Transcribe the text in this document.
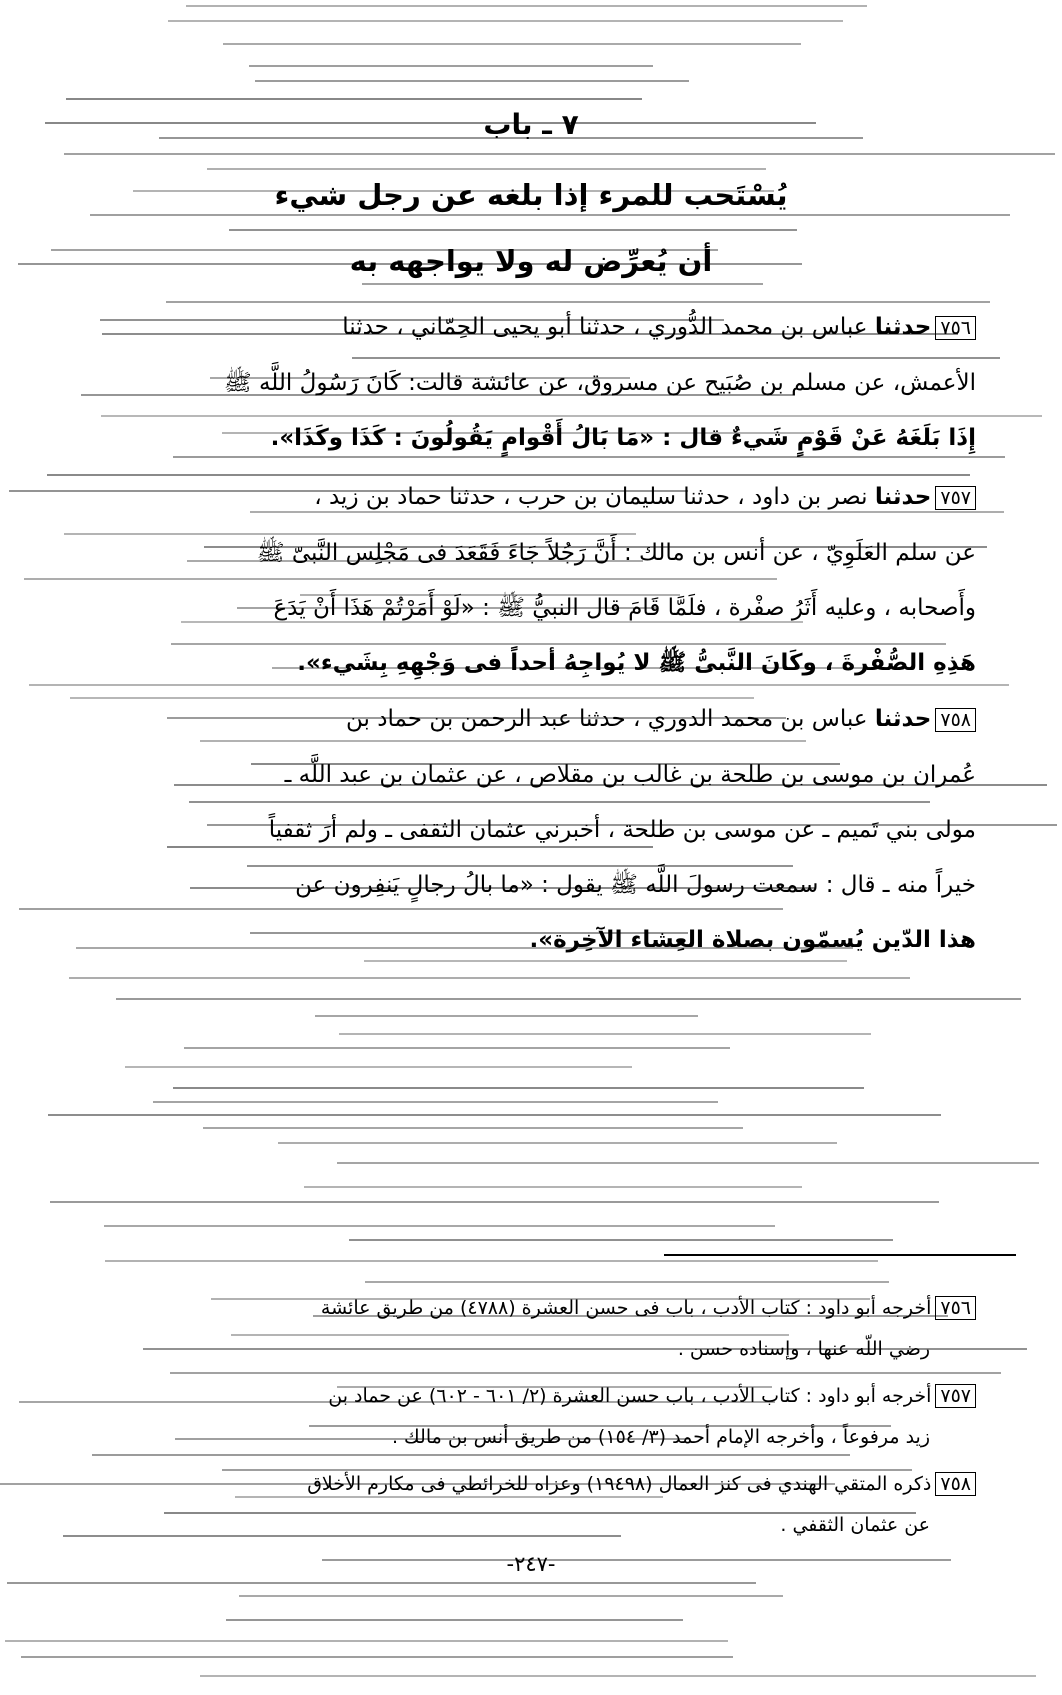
٧ ـ باب
يُسْتَحب للمرء إذا بلغه عن رجل شيء
أن يُعرِّض له ولا يواجهه به
٧٥٦حدثنا عباس بن محمد الدُّوري ، حدثنا أبو يحيى الحِمّاني ، حدثنا
الأعمش، عن مسلم بن صُبَيح عن مسروق، عن عائشة قالت: كَانَ رَسُولُ اللَّه ﷺ
إِذَا بَلَغَهُ عَنْ قَوْمٍ شَيءٌ قال : «مَا بَالُ أَقْوامٍ يَقُولُونَ : كَذَا وكَذَا».
٧٥٧حدثنا نصر بن داود ، حدثنا سليمان بن حرب ، حدثنا حماد بن زيد ،
عن سلم العَلَوِيّ ، عن أنس بن مالك : أَنَّ رَجُلاً جَاءَ فَقَعَدَ فى مَجْلِس النَّبىّ ﷺ
وأَصحابه ، وعليه أَثَرُ صفْرة ، فلَمَّا قَامَ قال النبيُّ ﷺ : «لَوْ أَمَرْتُمْ هَذَا أَنْ يَدَعَ
هَذِهِ الصُّفْرةَ ، وكَانَ النَّبىُّ ﷺ لا يُواجِهُ أحداً فى وَجْهِهِ بِشَيء».
٧٥٨حدثنا عباس بن محمد الدوري ، حدثنا عبد الرحمن بن حماد بن
عُمران بن موسى بن طلحة بن غالب بن مقلاص ، عن عثمان بن عبد اللَّه ـ
مولى بني تَميم ـ عن موسى بن طلحة ، أخبرني عثمان الثقفى ـ ولم أرَ ثقفياً
خيراً منه ـ قال : سمعت رسولَ اللَّه ﷺ يقول : «ما بالُ رجالٍ يَنفِرون عن
هذا الدّين يُسمّون بصلاة العِشاء الآخِرة».
٧٥٦أخرجه أبو داود : كتاب الأدب ، باب فى حسن العشرة (٤٧٨٨) من طريق عائشة
رضي اللّه عنها ، وإسناده حسن .
٧٥٧أخرجه أبو داود : كتاب الأدب ، باب حسن العشرة (٢/ ٦٠١ - ٦٠٢) عن حماد بن
زيد مرفوعاً ، وأخرجه الإمام أحمد (٣/ ١٥٤) من طريق أنس بن مالك .
٧٥٨ذكره المتقي الهندي فى كنز العمال (١٩٤٩٨) وعزاه للخرائطي فى مكارم الأخلاق
عن عثمان الثقفي .
-٢٤٧-
